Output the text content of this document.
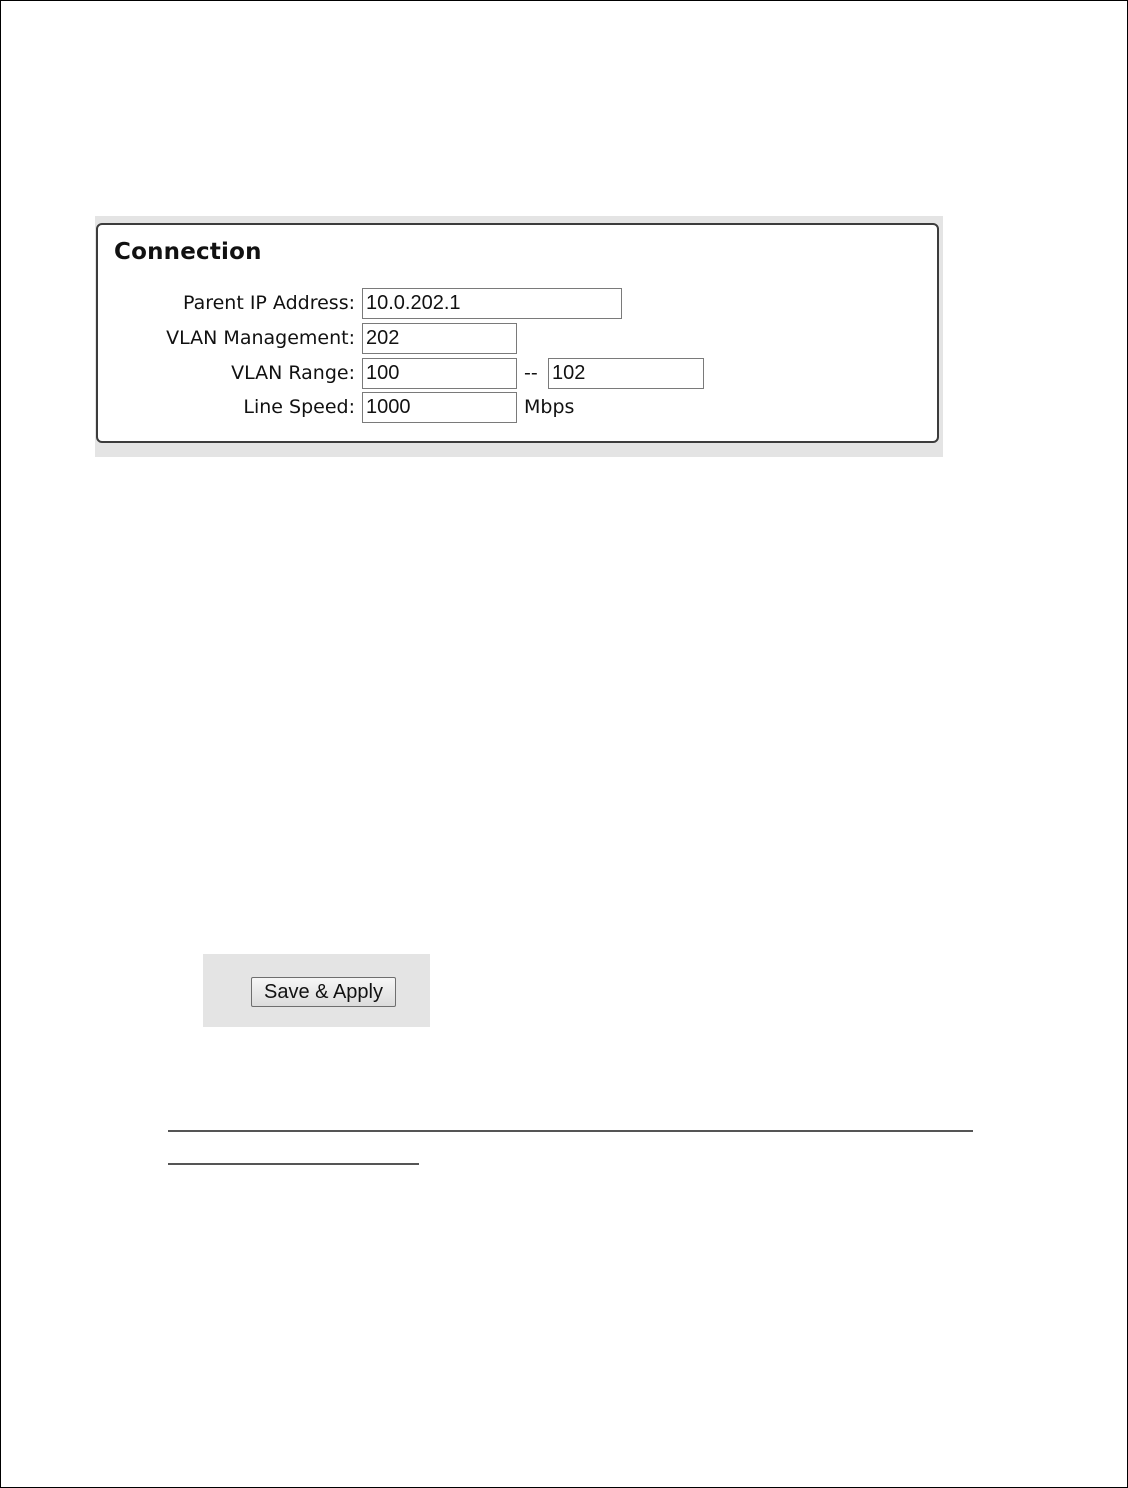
Connection
Parent IP Address:
10.0.202.1
VLAN Management:
202
VLAN Range:
100	--
102
Line Speed:
1000	Mbps
Save & Apply
